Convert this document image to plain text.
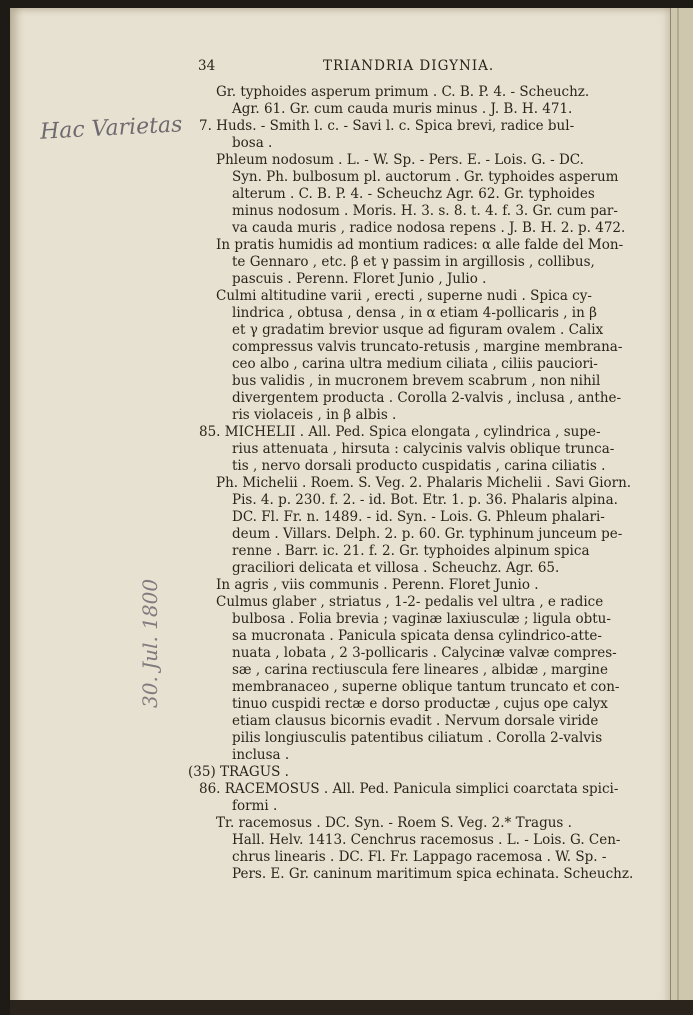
34	TRIANDRIA DIGYNIA.
Hac Varietas
30. Jul. 1800
Gr. typhoides asperum primum . C. B. P. 4. - Scheuchz.
Agr. 61. Gr. cum cauda muris minus . J. B. H. 471.
7. Huds. - Smith l. c. - Savi l. c. Spica brevi, radice bul-
bosa .
Phleum nodosum . L. - W. Sp. - Pers. E. - Lois. G. - DC.
Syn. Ph. bulbosum pl. auctorum . Gr. typhoides asperum
alterum . C. B. P. 4. - Scheuchz Agr. 62. Gr. typhoides
minus nodosum . Moris. H. 3. s. 8. t. 4. f. 3. Gr. cum par-
va cauda muris , radice nodosa repens . J. B. H. 2. p. 472.
In pratis humidis ad montium radices: α alle falde del Mon-
te Gennaro , etc. β et γ passim in argillosis , collibus,
pascuis . Perenn. Floret Junio , Julio .
Culmi altitudine varii , erecti , superne nudi . Spica cy-
lindrica , obtusa , densa , in α etiam 4-pollicaris , in β
et γ gradatim brevior usque ad figuram ovalem . Calix
compressus valvis truncato-retusis , margine membrana-
ceo albo , carina ultra medium ciliata , ciliis pauciori-
bus validis , in mucronem brevem scabrum , non nihil
divergentem producta . Corolla 2-valvis , inclusa , anthe-
ris violaceis , in β albis .
85. MICHELII . All. Ped. Spica elongata , cylindrica , supe-
rius attenuata , hirsuta : calycinis valvis oblique trunca-
tis , nervo dorsali producto cuspidatis , carina ciliatis .
Ph. Michelii . Roem. S. Veg. 2. Phalaris Michelii . Savi Giorn.
Pis. 4. p. 230. f. 2. - id. Bot. Etr. 1. p. 36. Phalaris alpina.
DC. Fl. Fr. n. 1489. - id. Syn. - Lois. G. Phleum phalari-
deum . Villars. Delph. 2. p. 60. Gr. typhinum junceum pe-
renne . Barr. ic. 21. f. 2. Gr. typhoides alpinum spica
graciliori delicata et villosa . Scheuchz. Agr. 65.
In agris , viis communis . Perenn. Floret Junio .
Culmus glaber , striatus , 1-2- pedalis vel ultra , e radice
bulbosa . Folia brevia ; vaginæ laxiusculæ ; ligula obtu-
sa mucronata . Panicula spicata densa cylindrico-atte-
nuata , lobata , 2 3-pollicaris . Calycinæ valvæ compres-
sæ , carina rectiuscula fere lineares , albidæ , margine
membranaceo , superne oblique tantum truncato et con-
tinuo cuspidi rectæ e dorso productæ , cujus ope calyx
etiam clausus bicornis evadit . Nervum dorsale viride
pilis longiusculis patentibus ciliatum . Corolla 2-valvis
inclusa .
(35) TRAGUS .
86. RACEMOSUS . All. Ped. Panicula simplici coarctata spici-
formi .
Tr. racemosus . DC. Syn. - Roem S. Veg. 2.* Tragus .
Hall. Helv. 1413. Cenchrus racemosus . L. - Lois. G. Cen-
chrus linearis . DC. Fl. Fr. Lappago racemosa . W. Sp. -
Pers. E. Gr. caninum maritimum spica echinata. Scheuchz.
